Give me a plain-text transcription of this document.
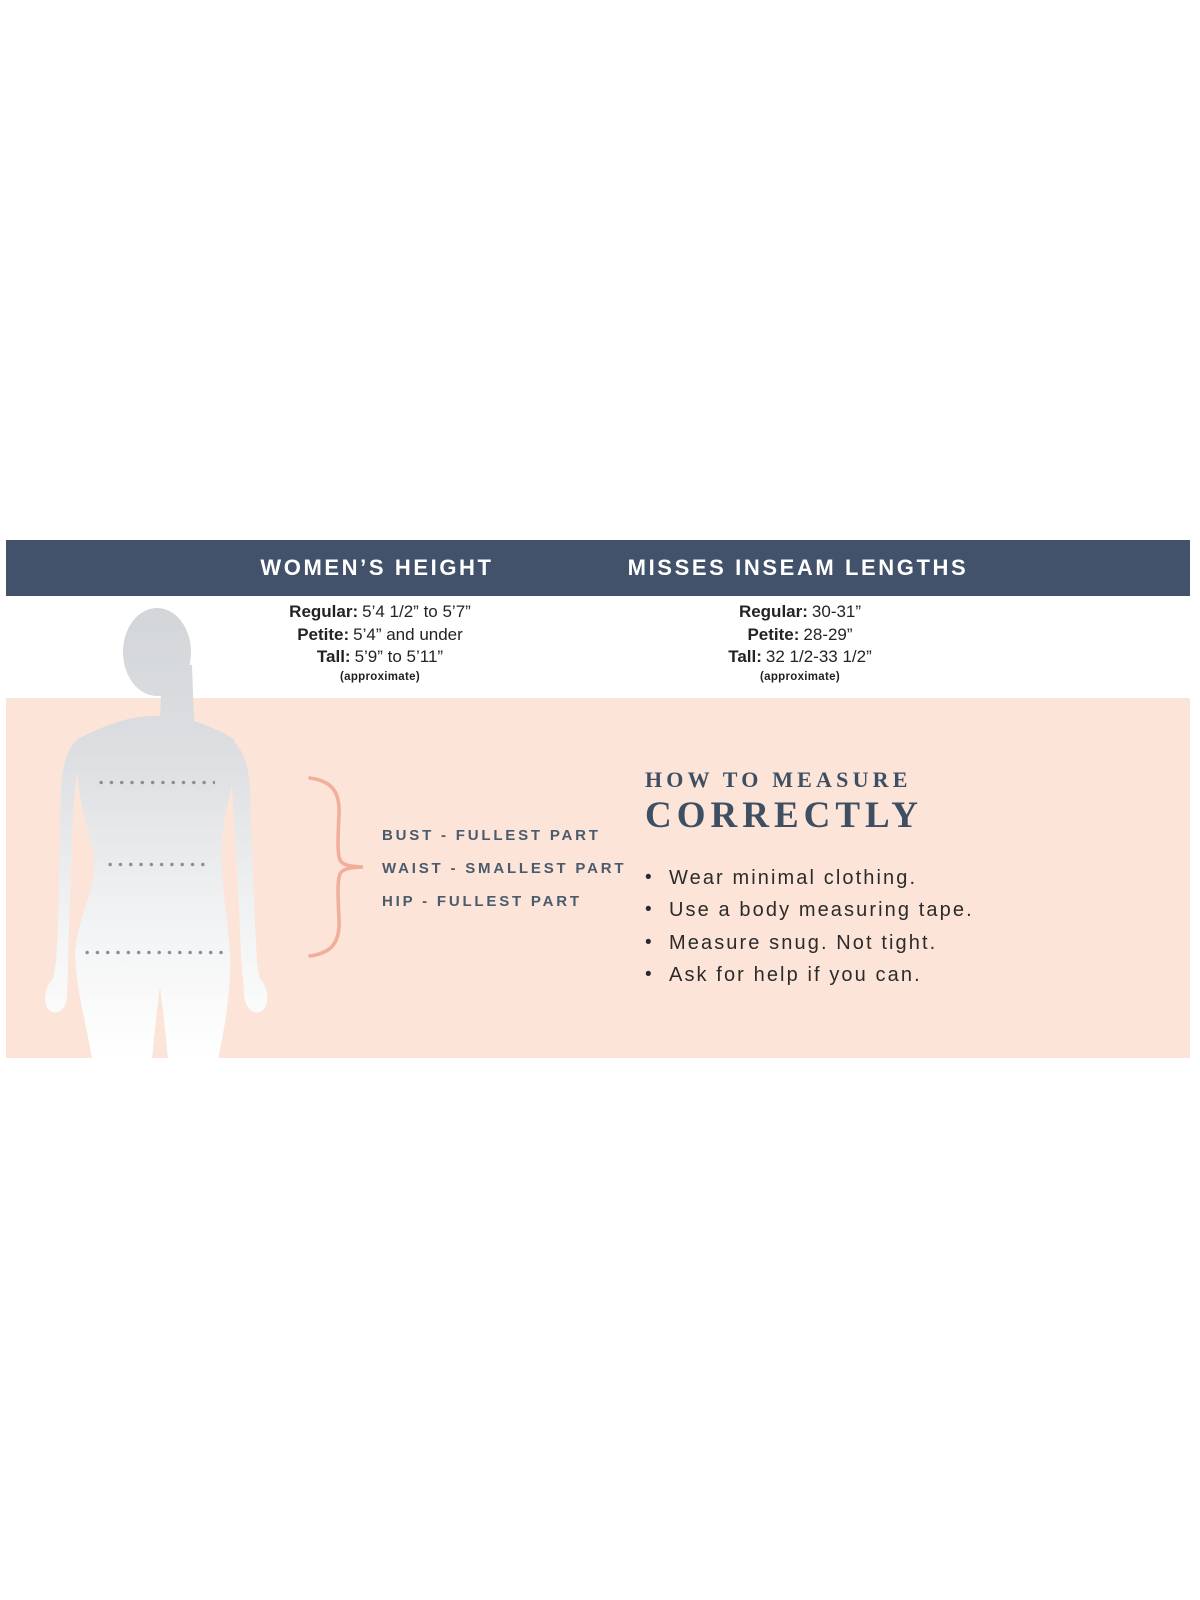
BUST - FULLEST PART
WAIST - SMALLEST PART
HIP - FULLEST PART
HOW TO MEASURE
CORRECTLY
• Wear minimal clothing.
• Use a body measuring tape.
• Measure snug. Not tight.
• Ask for help if you can.
WOMEN’S HEIGHT	MISSES INSEAM LENGTHS
Regular: 5’4 1/2” to 5’7”
Petite: 5’4” and under
Tall: 5’9” to 5’11”
(approximate)
Regular: 30-31”
Petite: 28-29”
Tall: 32 1/2-33 1/2”
(approximate)
